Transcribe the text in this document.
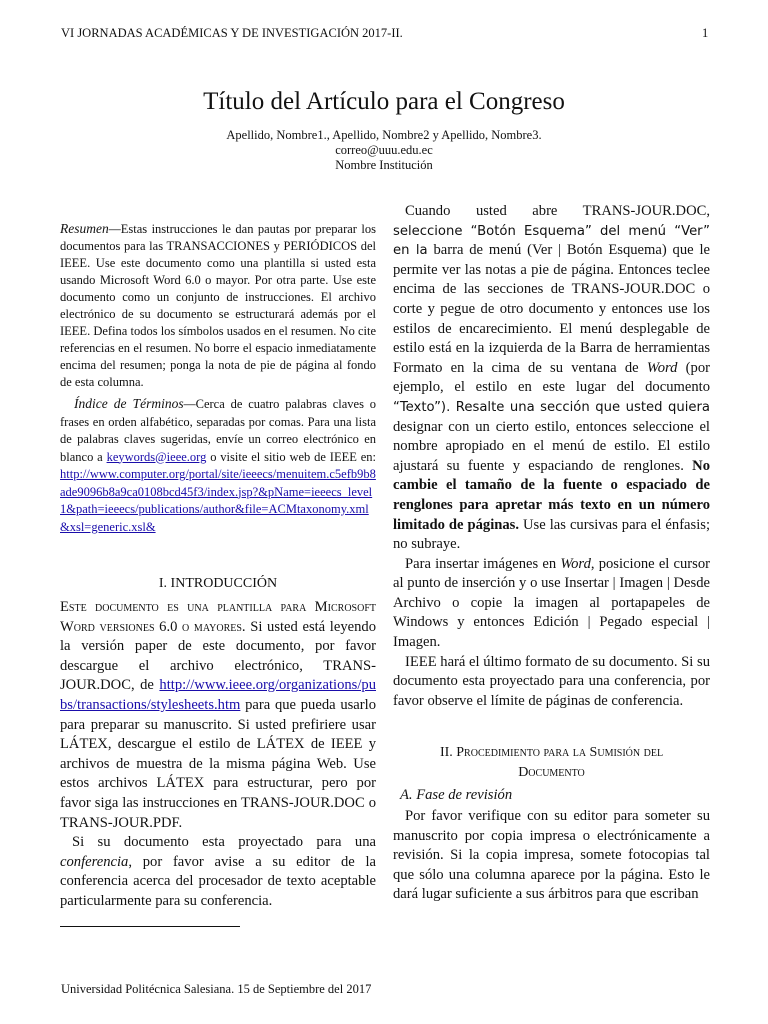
VI JORNADAS ACADÉMICAS Y DE INVESTIGACIÓN 2017-II.	1
Título del Artículo para el Congreso
Apellido, Nombre1., Apellido, Nombre2 y Apellido, Nombre3.
correo@uuu.edu.ec
Nombre Institución
Resumen—Estas instrucciones le dan pautas por preparar los documentos para las TRANSACCIONES y PERIÓDICOS del IEEE. Use este documento como una plantilla si usted esta usando Microsoft Word 6.0 o mayor. Por otra parte. Use este documento como un conjunto de instrucciones. El archivo electrónico de su documento se estructurará además por el IEEE. Defina todos los símbolos usados en el resumen. No cite referencias en el resumen. No borre el espacio inmediatamente encima del resumen; ponga la nota de pie de página al fondo de esta columna.
Índice de Términos—Cerca de cuatro palabras claves o frases en orden alfabético, separadas por comas. Para una lista de palabras claves sugeridas, envíe un correo electrónico en blanco a keywords@ieee.org o visite el sitio web de IEEE en: http://www.computer.org/portal/site/ieeecs/menuitem.c5efb9b8ade9096b8a9ca0108bcd45f3/index.jsp?&pName=ieeecs_level1&path=ieeecs/publications/author&file=ACMtaxonomy.xml&xsl=generic.xsl&
I. INTRODUCCIÓN

Este documento es una plantilla para Microsoft Word versiones 6.0 o mayores. Si usted está leyendo la versión paper de este documento, por favor descargue el archivo electrónico, TRANS-JOUR.DOC, de http://www.ieee.org/organizations/pubs/transactions/stylesheets.htm para que pueda usarlo para preparar su manuscrito. Si usted prefiriere usar LÁTEX, descargue el estilo de LÁTEX de IEEE y archivos de muestra de la misma página Web. Use estos archivos LÁTEX para estructurar, pero por favor siga las instrucciones en TRANS-JOUR.DOC o TRANS-JOUR.PDF.

Si su documento esta proyectado para una conferencia, por favor avise a su editor de la conferencia acerca del procesador de texto aceptable particularmente para su conferencia.

Universidad Politécnica Salesiana. 15 de Septiembre del 2017

Cuando usted abre TRANS-JOUR.DOC, seleccione “Botón Esquema” del menú “Ver” en la barra de menú (Ver | Botón Esquema) que le permite ver las notas a pie de página. Entonces teclee encima de las secciones de TRANS-JOUR.DOC o corte y pegue de otro documento y entonces use los estilos de encarecimiento. El menú desplegable de estilo está en la izquierda de la Barra de herramientas Formato en la cima de su ventana de Word (por ejemplo, el estilo en este lugar del documento “Texto”). Resalte una sección que usted quiera designar con un cierto estilo, entonces seleccione el nombre apropiado en el menú de estilo. El estilo ajustará su fuente y espaciando de renglones. No cambie el tamaño de la fuente o espaciado de renglones para apretar más texto en un número limitado de páginas. Use las cursivas para el énfasis; no subraye.

Para insertar imágenes en Word, posicione el cursor al punto de inserción y o use Insertar | Imagen | Desde Archivo o copie la imagen al portapapeles de Windows y entonces Edición | Pegado especial | Imagen.

IEEE hará el último formato de su documento. Si su documento esta proyectado para una conferencia, por favor observe el límite de páginas de conferencia.

II. Procedimiento para la Sumisión del
Documento
A. Fase de revisión

Por favor verifique con su editor para someter su manuscrito por copia impresa o electrónicamente a revisión. Si la copia impresa, somete fotocopias tal que sólo una columna aparece por la página. Esto le dará lugar suficiente a sus árbitros para que escriban
